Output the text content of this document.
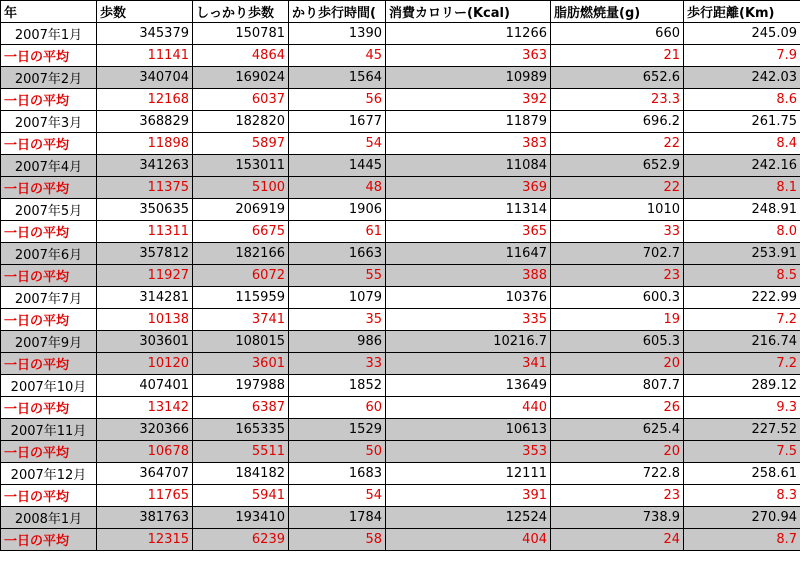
年	歩数	しっかり歩数	かり歩行時間(	消費カロリー(Kcal)	脂肪燃焼量(g)	歩行距離(Km)
2007年1月	345379	150781	1390	11266	660	245.09
一日の平均	11141	4864	45	363	21	7.9
2007年2月	340704	169024	1564	10989	652.6	242.03
一日の平均	12168	6037	56	392	23.3	8.6
2007年3月	368829	182820	1677	11879	696.2	261.75
一日の平均	11898	5897	54	383	22	8.4
2007年4月	341263	153011	1445	11084	652.9	242.16
一日の平均	11375	5100	48	369	22	8.1
2007年5月	350635	206919	1906	11314	1010	248.91
一日の平均	11311	6675	61	365	33	8.0
2007年6月	357812	182166	1663	11647	702.7	253.91
一日の平均	11927	6072	55	388	23	8.5
2007年7月	314281	115959	1079	10376	600.3	222.99
一日の平均	10138	3741	35	335	19	7.2
2007年9月	303601	108015	986	10216.7	605.3	216.74
一日の平均	10120	3601	33	341	20	7.2
2007年10月	407401	197988	1852	13649	807.7	289.12
一日の平均	13142	6387	60	440	26	9.3
2007年11月	320366	165335	1529	10613	625.4	227.52
一日の平均	10678	5511	50	353	20	7.5
2007年12月	364707	184182	1683	12111	722.8	258.61
一日の平均	11765	5941	54	391	23	8.3
2008年1月	381763	193410	1784	12524	738.9	270.94
一日の平均	12315	6239	58	404	24	8.7
